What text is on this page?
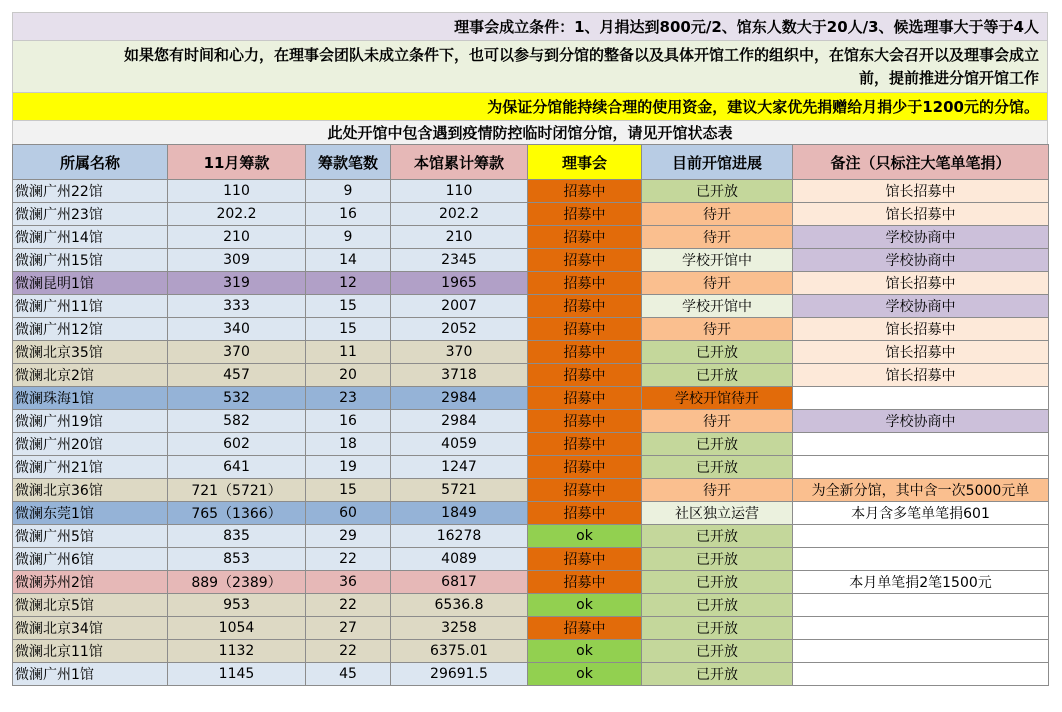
理事会成立条件：1、月捐达到800元/2、馆东人数大于20人/3、候选理事大于等于4人
如果您有时间和心力，在理事会团队未成立条件下，也可以参与到分馆的整备以及具体开馆工作的组织中，在馆东大会召开以及理事会成立
前，提前推进分馆开馆工作
为保证分馆能持续合理的使用资金，建议大家优先捐赠给月捐少于1200元的分馆。
此处开馆中包含遇到疫情防控临时闭馆分馆，请见开馆状态表
所属名称	11月筹款	筹款笔数	本馆累计筹款	理事会	目前开馆进展	备注（只标注大笔单笔捐）
微澜广州22馆	110	9	110	招募中	已开放	馆长招募中
微澜广州23馆	202.2	16	202.2	招募中	待开	馆长招募中
微澜广州14馆	210	9	210	招募中	待开	学校协商中
微澜广州15馆	309	14	2345	招募中	学校开馆中	学校协商中
微澜昆明1馆	319	12	1965	招募中	待开	馆长招募中
微澜广州11馆	333	15	2007	招募中	学校开馆中	学校协商中
微澜广州12馆	340	15	2052	招募中	待开	馆长招募中
微澜北京35馆	370	11	370	招募中	已开放	馆长招募中
微澜北京2馆	457	20	3718	招募中	已开放	馆长招募中
微澜珠海1馆	532	23	2984	招募中	学校开馆待开	
微澜广州19馆	582	16	2984	招募中	待开	学校协商中
微澜广州20馆	602	18	4059	招募中	已开放	
微澜广州21馆	641	19	1247	招募中	已开放	
微澜北京36馆	721（5721）	15	5721	招募中	待开	为全新分馆，其中含一次5000元单
微澜东莞1馆	765（1366）	60	1849	招募中	社区独立运营	本月含多笔单笔捐601
微澜广州5馆	835	29	16278	ok	已开放	
微澜广州6馆	853	22	4089	招募中	已开放	
微澜苏州2馆	889（2389）	36	6817	招募中	已开放	本月单笔捐2笔1500元
微澜北京5馆	953	22	6536.8	ok	已开放	
微澜北京34馆	1054	27	3258	招募中	已开放	
微澜北京11馆	1132	22	6375.01	ok	已开放	
微澜广州1馆	1145	45	29691.5	ok	已开放	
